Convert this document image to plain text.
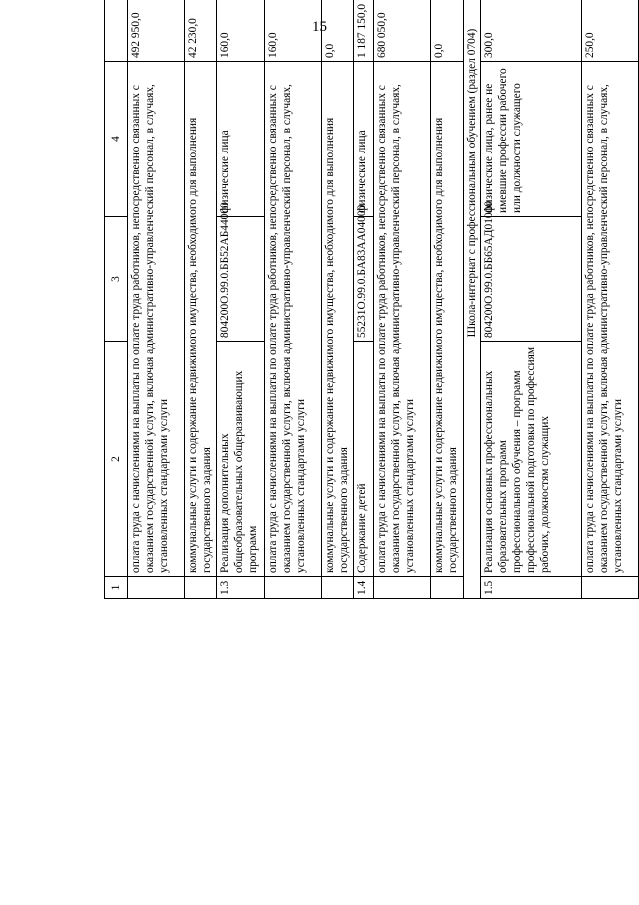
15
1	2	3	4	
	оплата труда с начислениями на выплаты по оплате труда работников, непосредственно связанных с оказанием государственной услуги, включая административно-управленческий персонал, в случаях, установленных стандартами услуги			492 950,0
	коммунальные услуги и содержание недвижимого имущества, необходимого для выполнения государственного задания			42 230,0
1.3	Реализация дополнительных общеобразовательных общеразвивающих программ	804200О.99.0.ББ52АБ44000	физические лица	160,0
	оплата труда с начислениями на выплаты по оплате труда работников, непосредственно связанных с оказанием государственной услуги, включая административно-управленческий персонал, в случаях, установленных стандартами услуги			160,0
	коммунальные услуги и содержание недвижимого имущества, необходимого для выполнения государственного задания			0,0
1.4	Содержание детей	55231О.99.0.БА83АА04000	физические лица	1 187 150,0
	оплата труда с начислениями на выплаты по оплате труда работников, непосредственно связанных с оказанием государственной услуги, включая административно-управленческий персонал, в случаях, установленных стандартами услуги			680 050,0
	коммунальные услуги и содержание недвижимого имущества, необходимого для выполнения государственного задания			0,0
Школа-интернат с профессиональным обучением (раздел 0704)				
1.5	Реализация основных профессиональных образовательных программ профессионального обучения – программ профессиональной подготовки по профессиям рабочих, должностям служащих	804200О.99.0.ББ65АД01000	физические лица, ранее не имевшие профессии рабочего или должности служащего	300,0
	оплата труда с начислениями на выплаты по оплате труда работников, непосредственно связанных с оказанием государственной услуги, включая административно-управленческий персонал, в случаях, установленных стандартами услуги			250,0
